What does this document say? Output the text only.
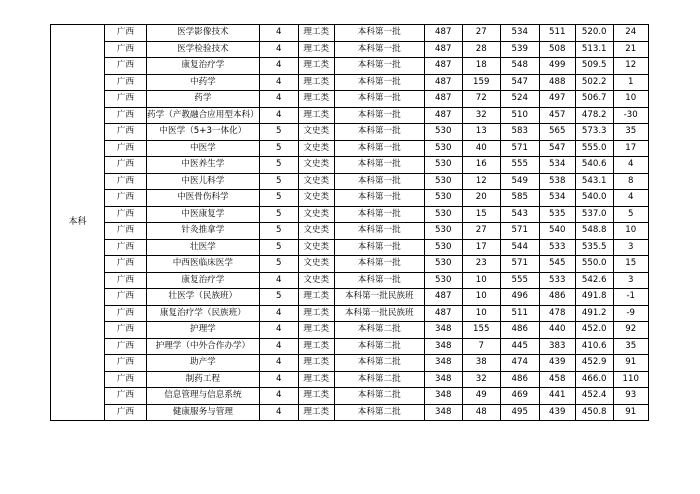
本科	广西	医学影像技术	4	理工类	本科第一批	487	27	534	511	520.0	24
	广西	医学检验技术	4	理工类	本科第一批	487	28	539	508	513.1	21
	广西	康复治疗学	4	理工类	本科第一批	487	18	548	499	509.5	12
	广西	中药学	4	理工类	本科第一批	487	159	547	488	502.2	1
	广西	药学	4	理工类	本科第一批	487	72	524	497	506.7	10
	广西	药学（产教融合应用型本科）	4	理工类	本科第一批	487	32	510	457	478.2	-30
	广西	中医学（5+3一体化）	5	文史类	本科第一批	530	13	583	565	573.3	35
	广西	中医学	5	文史类	本科第一批	530	40	571	547	555.0	17
	广西	中医养生学	5	文史类	本科第一批	530	16	555	534	540.6	4
	广西	中医儿科学	5	文史类	本科第一批	530	12	549	538	543.1	8
	广西	中医骨伤科学	5	文史类	本科第一批	530	20	585	534	540.0	4
	广西	中医康复学	5	文史类	本科第一批	530	15	543	535	537.0	5
	广西	针灸推拿学	5	文史类	本科第一批	530	27	571	540	548.8	10
	广西	壮医学	5	文史类	本科第一批	530	17	544	533	535.5	3
	广西	中西医临床医学	5	文史类	本科第一批	530	23	571	545	550.0	15
	广西	康复治疗学	4	文史类	本科第一批	530	10	555	533	542.6	3
	广西	壮医学（民族班）	5	理工类	本科第一批民族班	487	10	496	486	491.8	-1
	广西	康复治疗学（民族班）	4	理工类	本科第一批民族班	487	10	511	478	491.2	-9
	广西	护理学	4	理工类	本科第二批	348	155	486	440	452.0	92
	广西	护理学（中外合作办学）	4	理工类	本科第二批	348	7	445	383	410.6	35
	广西	助产学	4	理工类	本科第二批	348	38	474	439	452.9	91
	广西	制药工程	4	理工类	本科第二批	348	32	486	458	466.0	110
	广西	信息管理与信息系统	4	理工类	本科第二批	348	49	469	441	452.4	93
	广西	健康服务与管理	4	理工类	本科第二批	348	48	495	439	450.8	91
